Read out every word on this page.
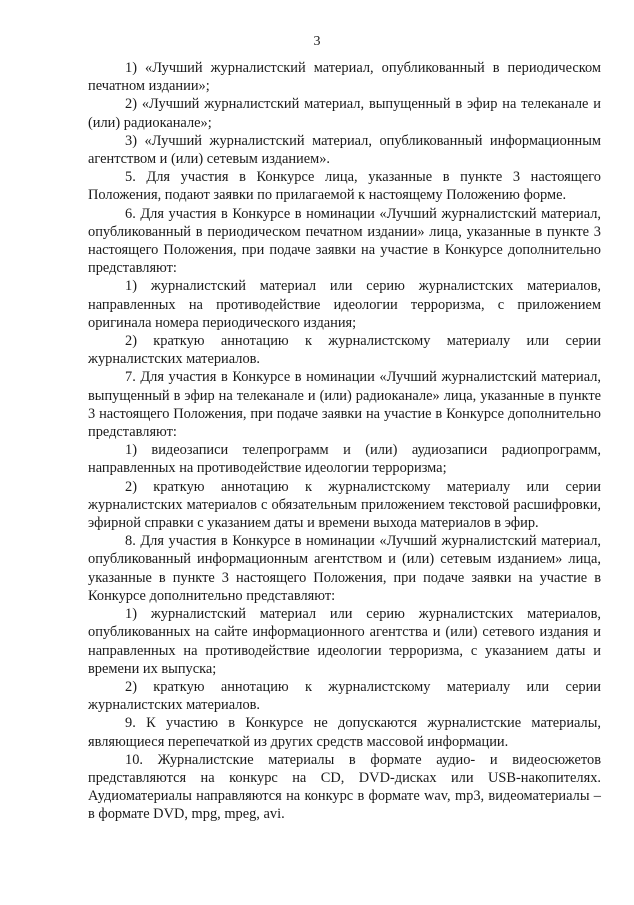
3

1) «Лучший журналистский материал, опубликованный в периодическом печатном издании»;

2) «Лучший журналистский материал, выпущенный в эфир на телеканале и (или) радиоканале»;

3) «Лучший журналистский материал, опубликованный информационным агентством и (или) сетевым изданием».

5. Для участия в Конкурсе лица, указанные в пункте 3 настоящего Положения, подают заявки по прилагаемой к настоящему Положению форме.

6. Для участия в Конкурсе в номинации «Лучший журналистский материал, опубликованный в периодическом печатном издании» лица, указанные в пункте 3 настоящего Положения, при подаче заявки на участие в Конкурсе дополнительно представляют:

1) журналистский материал или серию журналистских материалов, направленных на противодействие идеологии терроризма, с приложением оригинала номера периодического издания;

2) краткую аннотацию к журналистскому материалу или серии журналистских материалов.

7. Для участия в Конкурсе в номинации «Лучший журналистский материал, выпущенный в эфир на телеканале и (или) радиоканале» лица, указанные в пункте 3 настоящего Положения, при подаче заявки на участие в Конкурсе дополнительно представляют:

1) видеозаписи телепрограмм и (или) аудиозаписи радиопрограмм, направленных на противодействие идеологии терроризма;

2) краткую аннотацию к журналистскому материалу или серии журналистских материалов с обязательным приложением текстовой расшифровки, эфирной справки с указанием даты и времени выхода материалов в эфир.

8. Для участия в Конкурсе в номинации «Лучший журналистский материал, опубликованный информационным агентством и (или) сетевым изданием» лица, указанные в пункте 3 настоящего Положения, при подаче заявки на участие в Конкурсе дополнительно представляют:

1) журналистский материал или серию журналистских материалов, опубликованных на сайте информационного агентства и (или) сетевого издания и направленных на противодействие идеологии терроризма, с указанием даты и времени их выпуска;

2) краткую аннотацию к журналистскому материалу или серии журналистских материалов.

9. К участию в Конкурсе не допускаются журналистские материалы, являющиеся перепечаткой из других средств массовой информации.

10. Журналистские материалы в формате аудио- и видеосюжетов представляются на конкурс на CD, DVD-дисках или USB-накопителях. Аудиоматериалы направляются на конкурс в формате wav, mp3, видеоматериалы – в формате DVD, mpg, mpeg, avi.
